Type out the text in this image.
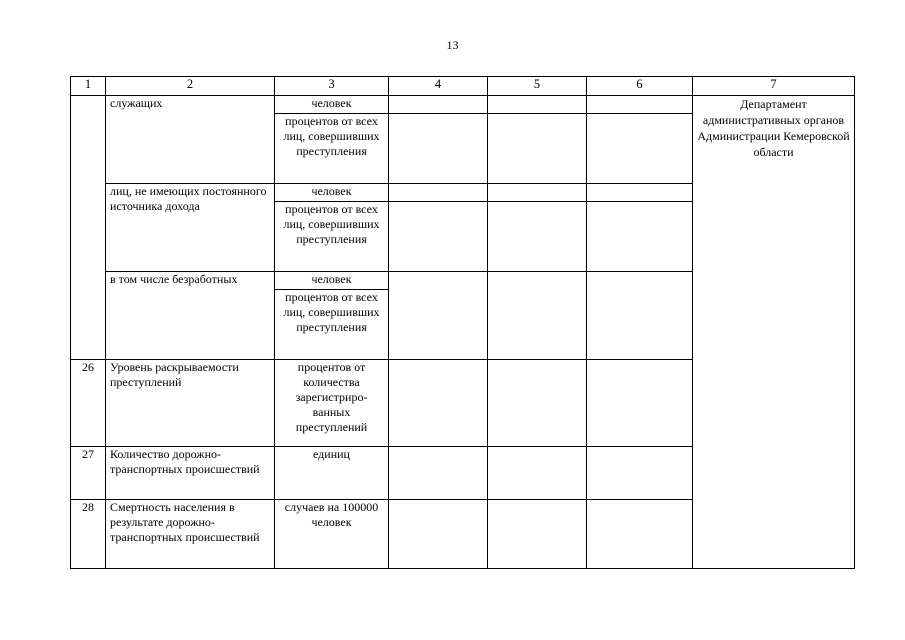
13
1	2	3	4	5	6	7
	служащих	человек				Департамент административных органов Администрации Кемеровской области
		процентов от всех лиц, совершивших преступления				
	лиц, не имеющих постоянного источника дохода	человек				
		процентов от всех лиц, совершивших преступления				
	в том числе безработных	человек				
		процентов от всех лиц, совершивших преступления				
26	Уровень раскрываемости преступлений	процентов от количества зарегистриро-ванных преступлений				
27	Количество дорожно-транспортных происшествий	единиц				
28	Смертность населения в результате дорожно-транспортных происшествий	случаев на 100000 человек				
